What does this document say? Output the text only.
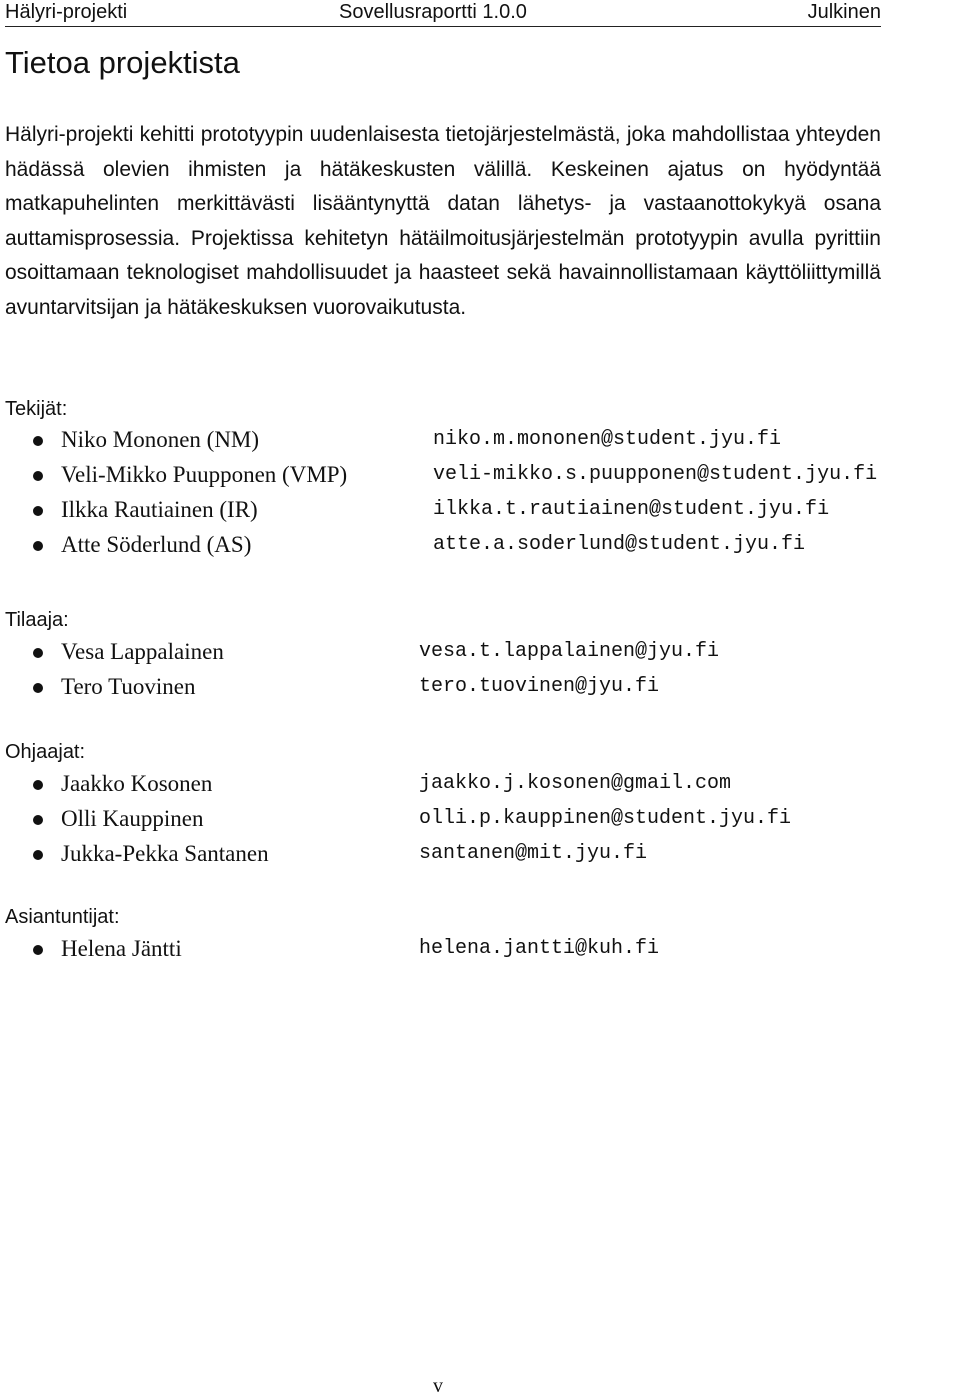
Hälyri-projekti	Sovellusraportti 1.0.0	Julkinen
Tietoa projektista

Hälyri-projekti kehitti prototyypin uudenlaisesta tietojärjestelmästä, joka mahdollistaa yhteyden hädässä olevien ihmisten ja hätäkeskusten välillä. Keskeinen ajatus on hyödyntää matkapuhelinten merkittävästi lisääntynyttä datan lähetys- ja vastaanottokykyä osana auttamisprosessia. Projektissa kehitetyn hätäilmoitusjärjestelmän prototyypin avulla pyrittiin osoittamaan teknologiset mahdollisuudet ja haasteet sekä havainnollistamaan käyttöliittymillä avuntarvitsijan ja hätäkeskuksen vuorovaikutusta.

Tekijät:
Niko Mononen (NM)	niko.m.mononen@student.jyu.fi
Veli-Mikko Puupponen (VMP)	veli-mikko.s.puupponen@student.jyu.fi
Ilkka Rautiainen (IR)	ilkka.t.rautiainen@student.jyu.fi
Atte Söderlund (AS)	atte.a.soderlund@student.jyu.fi
Tilaaja:
Vesa Lappalainen	vesa.t.lappalainen@jyu.fi
Tero Tuovinen	tero.tuovinen@jyu.fi
Ohjaajat:
Jaakko Kosonen	jaakko.j.kosonen@gmail.com
Olli Kauppinen	olli.p.kauppinen@student.jyu.fi
Jukka-Pekka Santanen	santanen@mit.jyu.fi
Asiantuntijat:
Helena Jäntti	helena.jantti@kuh.fi
v
